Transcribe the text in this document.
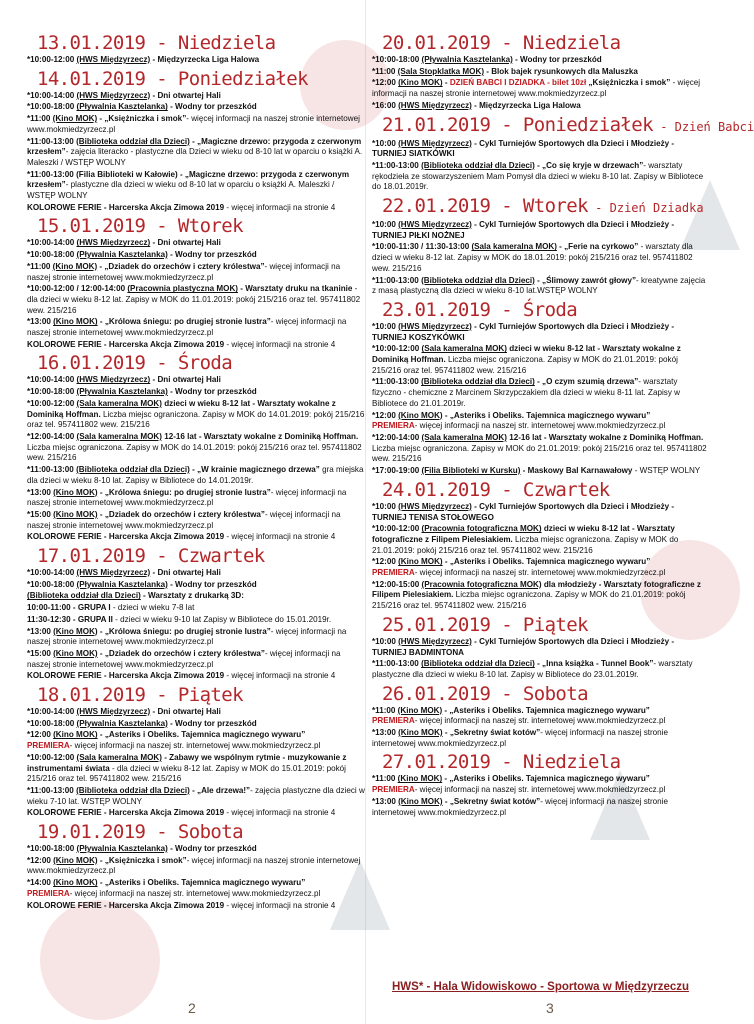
13.01.2019 - Niedziela
*10:00-12:00 (HWS Międzyrzecz) - Międzyrzecka Liga Halowa
14.01.2019 - Poniedziałek
*10:00-14:00 (HWS Międzyrzecz) - Dni otwartej Hali
*10:00-18:00 (Pływalnia Kasztelanka) - Wodny tor przeszkód
*11:00 (Kino MOK) - „Księżniczka i smok”- więcej informacji na naszej stronie internetowej www.mokmiedzyrzecz.pl
*11:00-13:00 (Biblioteka oddział dla Dzieci) - „Magiczne drzewo: przygoda z czerwonym krzesłem”- zajęcia literacko - plastyczne dla Dzieci w wieku od 8-10 lat w oparciu o książki A. Maleszki / WSTĘP WOLNY
*11:00-13:00 (Filia Biblioteki w Kałowie) - „Magiczne drzewo: przygoda z czerwonym krzesłem”- plastyczne dla dzieci w wieku od 8-10 lat w oparciu o książki A. Maleszki / WSTĘP WOLNY
KOLOROWE FERIE - Harcerska Akcja Zimowa 2019 - więcej informacji na stronie 4
15.01.2019 - Wtorek
*10:00-14:00 (HWS Międzyrzecz) - Dni otwartej Hali
*10:00-18:00 (Pływalnia Kasztelanka) - Wodny tor przeszkód
*11:00 (Kino MOK) - „Dziadek do orzechów i cztery królestwa”- więcej informacji na naszej stronie internetowej www.mokmiedzyrzecz.pl
*10:00-12:00 / 12:00-14:00 (Pracownia plastyczna MOK) - Warsztaty druku na tkaninie - dla dzieci w wieku 8-12 lat. Zapisy w MOK do 11.01.2019: pokój 215/216 oraz tel. 957411802 wew. 215/216
*13:00 (Kino MOK) - „Królowa śniegu: po drugiej stronie lustra”- więcej informacji na naszej stronie internetowej www.mokmiedzyrzecz.pl
KOLOROWE FERIE - Harcerska Akcja Zimowa 2019 - więcej informacji na stronie 4
16.01.2019 - Środa
*10:00-14:00 (HWS Międzyrzecz) - Dni otwartej Hali
*10:00-18:00 (Pływalnia Kasztelanka) - Wodny tor przeszkód
*10:00-12:00 (Sala kameralna MOK) dzieci w wieku 8-12 lat - Warsztaty wokalne z Dominiką Hoffman. Liczba miejsc ograniczona. Zapisy w MOK do 14.01.2019: pokój 215/216 oraz tel. 957411802 wew. 215/216
*12:00-14:00 (Sala kameralna MOK) 12-16 lat - Warsztaty wokalne z Dominiką Hoffman. Liczba miejsc ograniczona. Zapisy w MOK do 14.01.2019: pokój 215/216 oraz tel. 957411802 wew. 215/216
*11:00-13:00 (Biblioteka oddział dla Dzieci) - „W krainie magicznego drzewa” gra miejska dla dzieci w wieku 8-10 lat. Zapisy w Bibliotece do 14.01.2019r.
*13:00 (Kino MOK) - „Królowa śniegu: po drugiej stronie lustra”- więcej informacji na naszej stronie internetowej www.mokmiedzyrzecz.pl
*15:00 (Kino MOK) - „Dziadek do orzechów i cztery królestwa”- więcej informacji na naszej stronie internetowej www.mokmiedzyrzecz.pl
KOLOROWE FERIE - Harcerska Akcja Zimowa 2019 - więcej informacji na stronie 4
17.01.2019 - Czwartek
*10:00-14:00 (HWS Międzyrzecz) - Dni otwartej Hali
*10:00-18:00 (Pływalnia Kasztelanka) - Wodny tor przeszkód
(Biblioteka oddział dla Dzieci) - Warsztaty z drukarką 3D:
10:00-11:00 - GRUPA I - dzieci w wieku 7-8 lat
11:30-12:30 - GRUPA II - dzieci w wieku 9-10 lat Zapisy w Bibliotece do 15.01.2019r.
*13:00 (Kino MOK) - „Królowa śniegu: po drugiej stronie lustra”- więcej informacji na naszej stronie internetowej www.mokmiedzyrzecz.pl
*15:00 (Kino MOK) - „Dziadek do orzechów i cztery królestwa”- więcej informacji na naszej stronie internetowej www.mokmiedzyrzecz.pl
KOLOROWE FERIE - Harcerska Akcja Zimowa 2019 - więcej informacji na stronie 4
18.01.2019 - Piątek
*10:00-14:00 (HWS Międzyrzecz) - Dni otwartej Hali
*10:00-18:00 (Pływalnia Kasztelanka) - Wodny tor przeszkód
*12:00 (Kino MOK) - „Asteriks i Obeliks. Tajemnica magicznego wywaru”
PREMIERA- więcej informacji na naszej str. internetowej www.mokmiedzyrzecz.pl
*10:00-12:00 (Sala kameralna MOK) - Zabawy we wspólnym rytmie - muzykowanie z instrumentami świata - dla dzieci w wieku 8-12 lat. Zapisy w MOK do 15.01.2019: pokój 215/216 oraz tel. 957411802 wew. 215/216
*11:00-13:00 (Biblioteka oddział dla Dzieci) - „Ale drzewa!”- zajęcia plastyczne dla dzieci w wieku 7-10 lat. WSTĘP WOLNY
KOLOROWE FERIE - Harcerska Akcja Zimowa 2019 - więcej informacji na stronie 4
19.01.2019 - Sobota
*10:00-18:00 (Pływalnia Kasztelanka) - Wodny tor przeszkód
*12:00 (Kino MOK) - „Księżniczka i smok”- więcej informacji na naszej stronie internetowej www.mokmiedzyrzecz.pl
*14:00 (Kino MOK) - „Asteriks i Obeliks. Tajemnica magicznego wywaru”
PREMIERA- więcej informacji na naszej str. internetowej www.mokmiedzyrzecz.pl
KOLOROWE FERIE - Harcerska Akcja Zimowa 2019 - więcej informacji na stronie 4
20.01.2019 - Niedziela
*10:00-18:00 (Pływalnia Kasztelanka) - Wodny tor przeszkód
*11:00 (Sala Stopklatka MOK) - Blok bajek rysunkowych dla Maluszka
*12:00 (Kino MOK) - DZIEŃ BABCI I DZIADKA - bilet 10zł „Księżniczka i smok” - więcej informacji na naszej stronie internetowej www.mokmiedzyrzecz.pl
*16:00 (HWS Międzyrzecz) - Międzyrzecka Liga Halowa
21.01.2019 - Poniedziałek - Dzień Babci
*10:00 (HWS Międzyrzecz) - Cykl Turniejów Sportowych dla Dzieci i Młodzieży - TURNIEJ SIATKÓWKI
*11:00-13:00 (Biblioteka oddział dla Dzieci) - „Co się kryje w drzewach”- warsztaty rękodzieła ze stowarzyszeniem Mam Pomysł dla dzieci w wieku 8-10 lat. Zapisy w Bibliotece do 18.01.2019r.
22.01.2019 - Wtorek - Dzień Dziadka
*10:00 (HWS Międzyrzecz) - Cykl Turniejów Sportowych dla Dzieci i Młodzieży - TURNIEJ PIŁKI NOŻNEJ
*10:00-11:30 / 11:30-13:00 (Sala kameralna MOK) - „Ferie na cyrkowo” - warsztaty dla dzieci w wieku 8-12 lat. Zapisy w MOK do 18.01.2019: pokój 215/216 oraz tel. 957411802 wew. 215/216
*11:00-13:00 (Biblioteka oddział dla Dzieci) - „Ślimowy zawrót głowy”- kreatywne zajęcia z masą plastyczną dla dzieci w wieku 8-10 lat.WSTĘP WOLNY
23.01.2019 - Środa
*10:00 (HWS Międzyrzecz) - Cykl Turniejów Sportowych dla Dzieci i Młodzieży - TURNIEJ KOSZYKÓWKI
*10:00-12:00 (Sala kameralna MOK) dzieci w wieku 8-12 lat - Warsztaty wokalne z Dominiką Hoffman. Liczba miejsc ograniczona. Zapisy w MOK do 21.01.2019: pokój 215/216 oraz tel. 957411802 wew. 215/216
*11:00-13:00 (Biblioteka oddział dla Dzieci) - „O czym szumią drzewa”- warsztaty fizyczno - chemiczne z Marcinem Skrzypczakiem dla dzieci w wieku 8-11 lat. Zapisy w Bibliotece do 21.01.2019r.
*12:00 (Kino MOK) - „Asteriks i Obeliks. Tajemnica magicznego wywaru”
PREMIERA- więcej informacji na naszej str. internetowej www.mokmiedzyrzecz.pl
*12:00-14:00 (Sala kameralna MOK) 12-16 lat - Warsztaty wokalne z Dominiką Hoffman. Liczba miejsc ograniczona. Zapisy w MOK do 21.01.2019: pokój 215/216 oraz tel. 957411802 wew. 215/216
*17:00-19:00 (Filia Biblioteki w Kursku) - Maskowy Bal Karnawałowy - WSTĘP WOLNY
24.01.2019 - Czwartek
*10:00 (HWS Międzyrzecz) - Cykl Turniejów Sportowych dla Dzieci i Młodzieży - TURNIEJ TENISA STOŁOWEGO
*10:00-12:00 (Pracownia fotograficzna MOK) dzieci w wieku 8-12 lat - Warsztaty fotograficzne z Filipem Pielesiakiem. Liczba miejsc ograniczona. Zapisy w MOK do 21.01.2019: pokój 215/216 oraz tel. 957411802 wew. 215/216
*12:00 (Kino MOK) - „Asteriks i Obeliks. Tajemnica magicznego wywaru”
PREMIERA- więcej informacji na naszej str. internetowej www.mokmiedzyrzecz.pl
*12:00-15:00 (Pracownia fotograficzna MOK) dla młodzieży - Warsztaty fotograficzne z Filipem Pielesiakiem. Liczba miejsc ograniczona. Zapisy w MOK do 21.01.2019: pokój 215/216 oraz tel. 957411802 wew. 215/216
25.01.2019 - Piątek
*10:00 (HWS Międzyrzecz) - Cykl Turniejów Sportowych dla Dzieci i Młodzieży - TURNIEJ BADMINTONA
*11:00-13:00 (Biblioteka oddział dla Dzieci) - „Inna książka - Tunnel Book”- warsztaty plastyczne dla dzieci w wieku 8-10 lat. Zapisy w Bibliotece do 23.01.2019r.
26.01.2019 - Sobota
*11:00 (Kino MOK) - „Asteriks i Obeliks. Tajemnica magicznego wywaru”
PREMIERA- więcej informacji na naszej str. internetowej www.mokmiedzyrzecz.pl
*13:00 (Kino MOK) - „Sekretny świat kotów”- więcej informacji na naszej stronie internetowej www.mokmiedzyrzecz.pl
27.01.2019 - Niedziela
*11:00 (Kino MOK) - „Asteriks i Obeliks. Tajemnica magicznego wywaru”
PREMIERA- więcej informacji na naszej str. internetowej www.mokmiedzyrzecz.pl
*13:00 (Kino MOK) - „Sekretny świat kotów”- więcej informacji na naszej stronie internetowej www.mokmiedzyrzecz.pl
HWS* - Hala Widowiskowo - Sportowa w Międzyrzeczu
2	3
